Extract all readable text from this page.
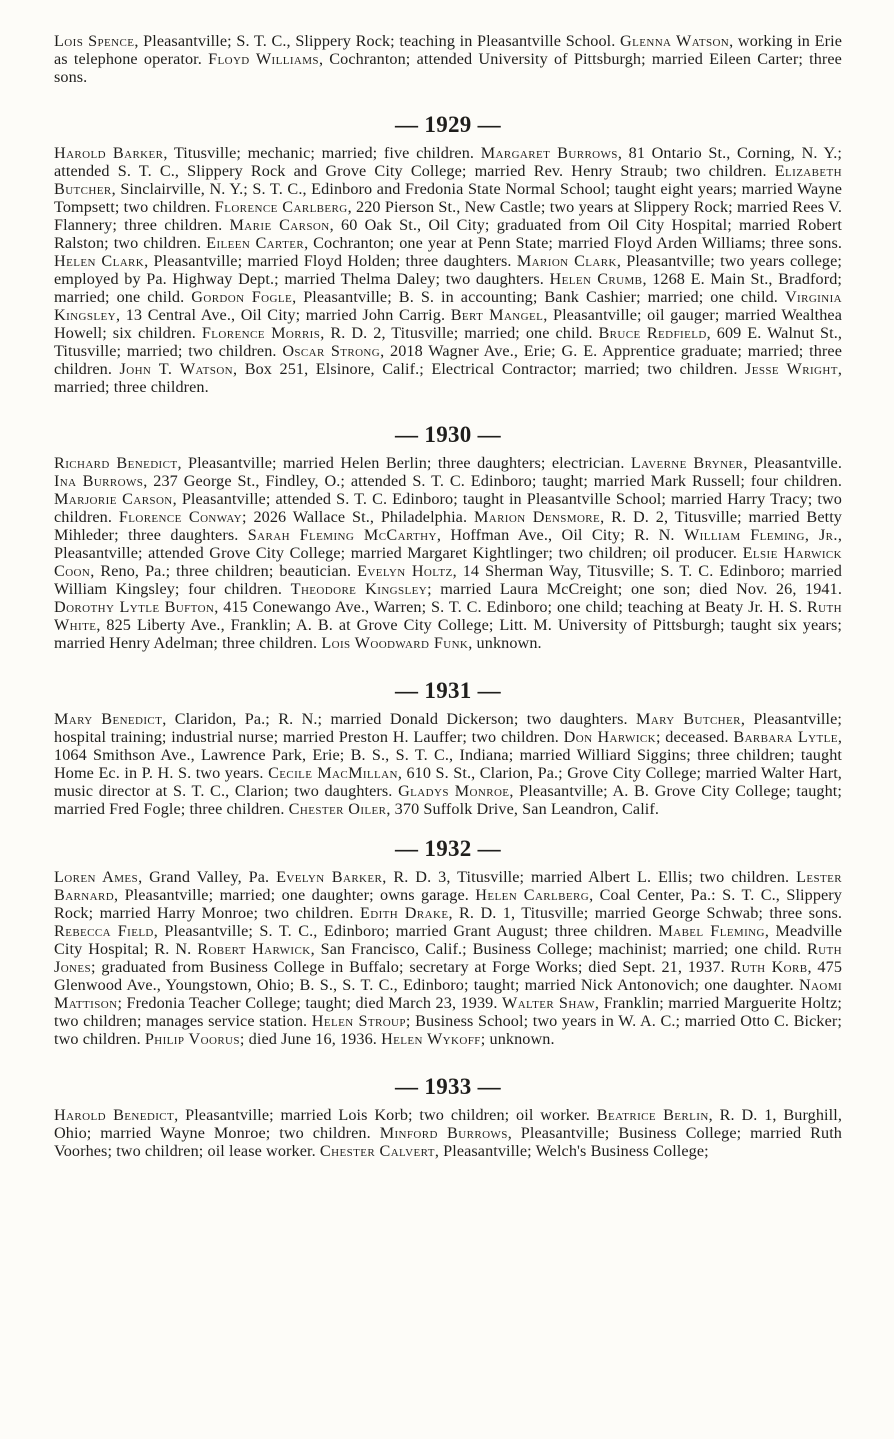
Lois Spence, Pleasantville; S. T. C., Slippery Rock; teaching in Pleasantville School. Glenna Watson, working in Erie as telephone operator. Floyd Williams, Cochranton; attended University of Pittsburgh; married Eileen Carter; three sons.

— 1929 —

Harold Barker, Titusville; mechanic; married; five children. Margaret Burrows, 81 Ontario St., Corning, N. Y.; attended S. T. C., Slippery Rock and Grove City College; married Rev. Henry Straub; two children. Elizabeth Butcher, Sinclairville, N. Y.; S. T. C., Edinboro and Fredonia State Normal School; taught eight years; married Wayne Tompsett; two children. Florence Carlberg, 220 Pierson St., New Castle; two years at Slippery Rock; married Rees V. Flannery; three children. Marie Carson, 60 Oak St., Oil City; graduated from Oil City Hospital; married Robert Ralston; two children. Eileen Carter, Cochranton; one year at Penn State; married Floyd Arden Williams; three sons. Helen Clark, Pleasantville; married Floyd Holden; three daughters. Marion Clark, Pleasantville; two years college; employed by Pa. Highway Dept.; married Thelma Daley; two daughters. Helen Crumb, 1268 E. Main St., Bradford; married; one child. Gordon Fogle, Pleasantville; B. S. in accounting; Bank Cashier; married; one child. Virginia Kingsley, 13 Central Ave., Oil City; married John Carrig. Bert Mangel, Pleasantville; oil gauger; married Wealthea Howell; six children. Florence Morris, R. D. 2, Titusville; married; one child. Bruce Redfield, 609 E. Walnut St., Titusville; married; two children. Oscar Strong, 2018 Wagner Ave., Erie; G. E. Apprentice graduate; married; three children. John T. Watson, Box 251, Elsinore, Calif.; Electrical Contractor; married; two children. Jesse Wright, married; three children.

— 1930 —

Richard Benedict, Pleasantville; married Helen Berlin; three daughters; electrician. Laverne Bryner, Pleasantville. Ina Burrows, 237 George St., Findley, O.; attended S. T. C. Edinboro; taught; married Mark Russell; four children. Marjorie Carson, Pleasantville; attended S. T. C. Edinboro; taught in Pleasantville School; married Harry Tracy; two children. Florence Conway; 2026 Wallace St., Philadelphia. Marion Densmore, R. D. 2, Titusville; married Betty Mihleder; three daughters. Sarah Fleming McCarthy, Hoffman Ave., Oil City; R. N. William Fleming, Jr., Pleasantville; attended Grove City College; married Margaret Kightlinger; two children; oil producer. Elsie Harwick Coon, Reno, Pa.; three children; beautician. Evelyn Holtz, 14 Sherman Way, Titusville; S. T. C. Edinboro; married William Kingsley; four children. Theodore Kingsley; married Laura McCreight; one son; died Nov. 26, 1941. Dorothy Lytle Bufton, 415 Conewango Ave., Warren; S. T. C. Edinboro; one child; teaching at Beaty Jr. H. S. Ruth White, 825 Liberty Ave., Franklin; A. B. at Grove City College; Litt. M. University of Pittsburgh; taught six years; married Henry Adelman; three children. Lois Woodward Funk, unknown.

— 1931 —

Mary Benedict, Claridon, Pa.; R. N.; married Donald Dickerson; two daughters. Mary Butcher, Pleasantville; hospital training; industrial nurse; married Preston H. Lauffer; two children. Don Harwick; deceased. Barbara Lytle, 1064 Smithson Ave., Lawrence Park, Erie; B. S., S. T. C., Indiana; married Williard Siggins; three children; taught Home Ec. in P. H. S. two years. Cecile MacMillan, 610 S. St., Clarion, Pa.; Grove City College; married Walter Hart, music director at S. T. C., Clarion; two daughters. Gladys Monroe, Pleasantville; A. B. Grove City College; taught; married Fred Fogle; three children. Chester Oiler, 370 Suffolk Drive, San Leandron, Calif.

— 1932 —

Loren Ames, Grand Valley, Pa. Evelyn Barker, R. D. 3, Titusville; married Albert L. Ellis; two children. Lester Barnard, Pleasantville; married; one daughter; owns garage. Helen Carlberg, Coal Center, Pa.: S. T. C., Slippery Rock; married Harry Monroe; two children. Edith Drake, R. D. 1, Titusville; married George Schwab; three sons. Rebecca Field, Pleasantville; S. T. C., Edinboro; married Grant August; three children. Mabel Fleming, Meadville City Hospital; R. N. Robert Harwick, San Francisco, Calif.; Business College; machinist; married; one child. Ruth Jones; graduated from Business College in Buffalo; secretary at Forge Works; died Sept. 21, 1937. Ruth Korb, 475 Glenwood Ave., Youngstown, Ohio; B. S., S. T. C., Edinboro; taught; married Nick Antonovich; one daughter. Naomi Mattison; Fredonia Teacher College; taught; died March 23, 1939. Walter Shaw, Franklin; married Marguerite Holtz; two children; manages service station. Helen Stroup; Business School; two years in W. A. C.; married Otto C. Bicker; two children. Philip Voorus; died June 16, 1936. Helen Wykoff; unknown.

— 1933 —

Harold Benedict, Pleasantville; married Lois Korb; two children; oil worker. Beatrice Berlin, R. D. 1, Burghill, Ohio; married Wayne Monroe; two children. Minford Burrows, Pleasantville; Business College; married Ruth Voorhes; two children; oil lease worker. Chester Calvert, Pleasantville; Welch's Business College;
